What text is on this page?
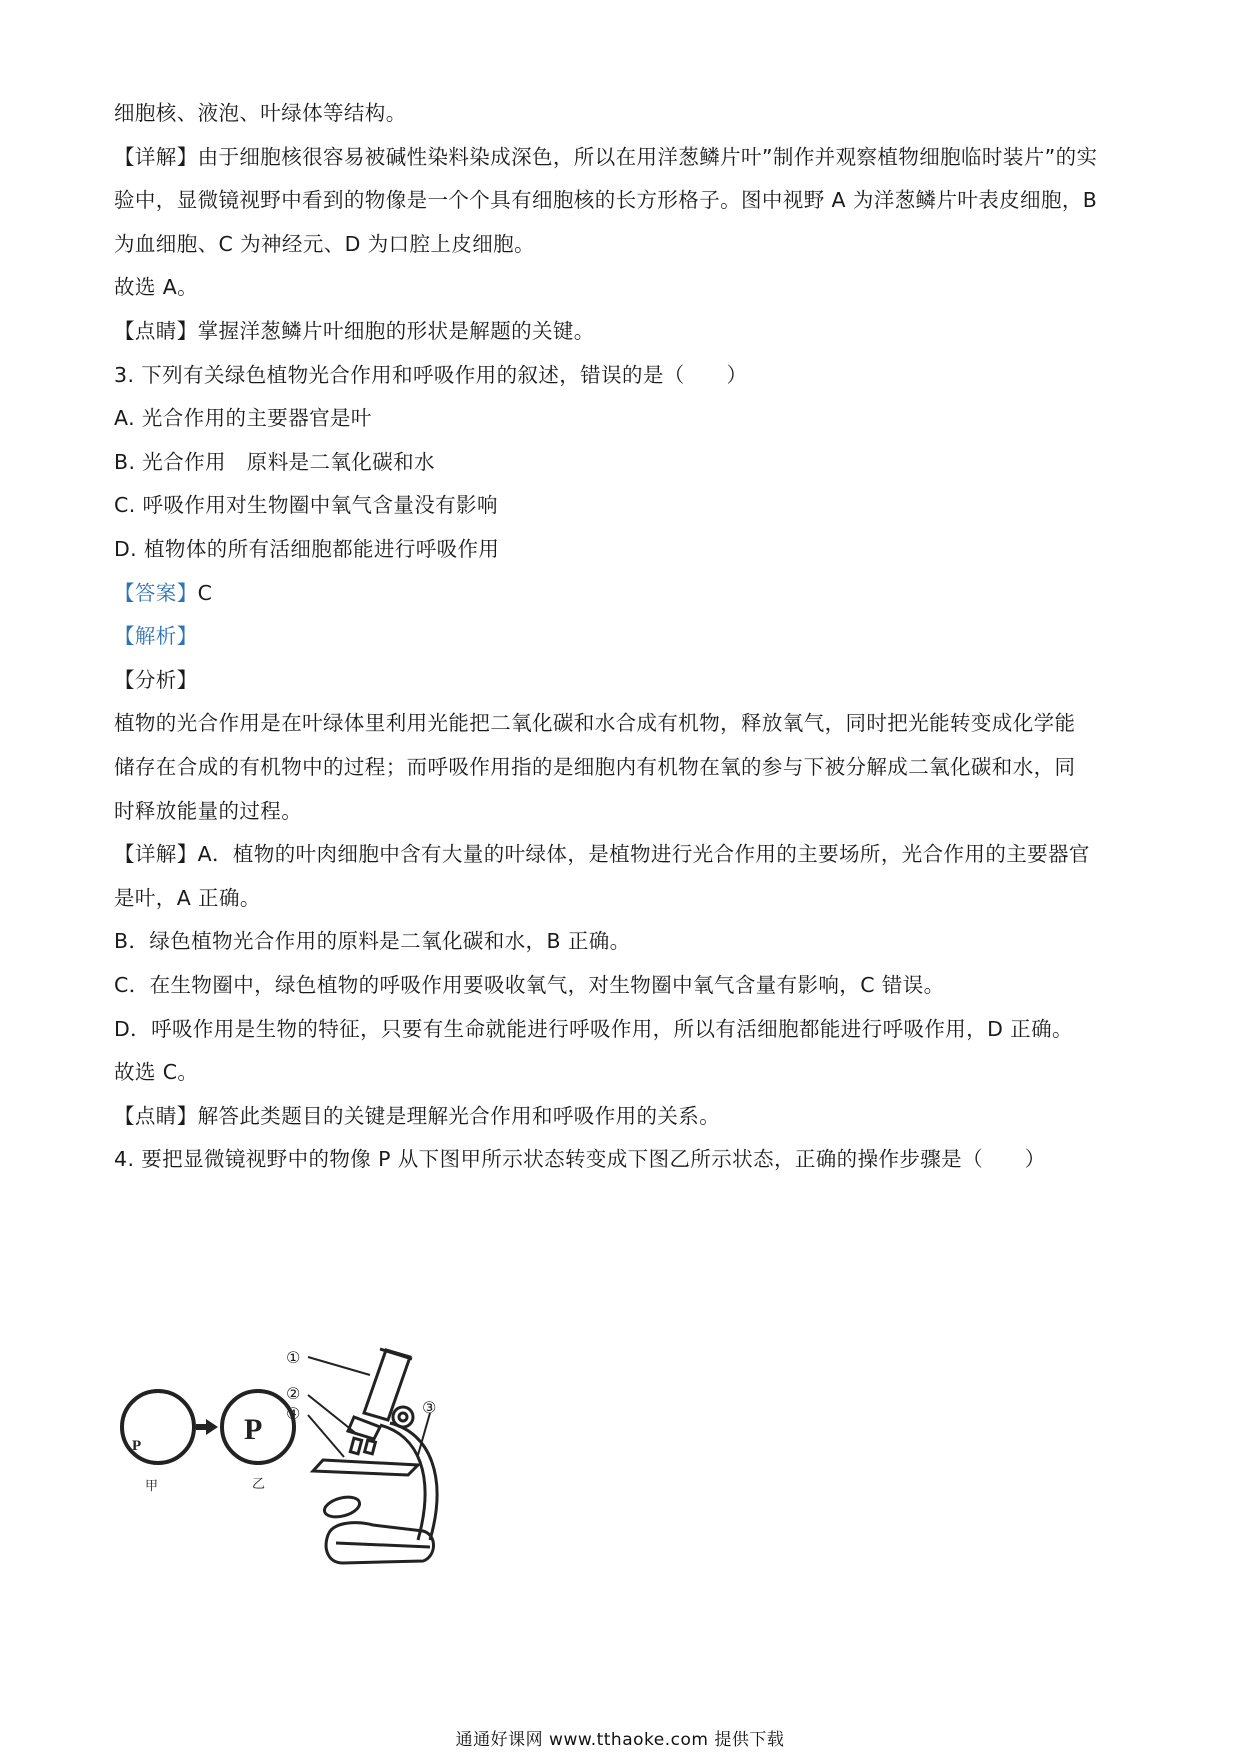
细胞核、液泡、叶绿体等结构。
【详解】由于细胞核很容易被碱性染料染成深色，所以在用洋葱鳞片叶”制作并观察植物细胞临时装片”的实
验中，显微镜视野中看到的物像是一个个具有细胞核的长方形格子。图中视野 A 为洋葱鳞片叶表皮细胞，B
为血细胞、C 为神经元、D 为口腔上皮细胞。
故选 A。
【点睛】掌握洋葱鳞片叶细胞的形状是解题的关键。
3. 下列有关绿色植物光合作用和呼吸作用的叙述，错误的是（　　）
A. 光合作用的主要器官是叶
B. 光合作用　原料是二氧化碳和水
C. 呼吸作用对生物圈中氧气含量没有影响
D. 植物体的所有活细胞都能进行呼吸作用
【答案】C
【解析】
【分析】
植物的光合作用是在叶绿体里利用光能把二氧化碳和水合成有机物，释放氧气，同时把光能转变成化学能
储存在合成的有机物中的过程；而呼吸作用指的是细胞内有机物在氧的参与下被分解成二氧化碳和水，同
时释放能量的过程。
【详解】A．植物的叶肉细胞中含有大量的叶绿体，是植物进行光合作用的主要场所，光合作用的主要器官
是叶，A 正确。
B．绿色植物光合作用的原料是二氧化碳和水，B 正确。
C．在生物圈中，绿色植物的呼吸作用要吸收氧气，对生物圈中氧气含量有影响，C 错误。
D．呼吸作用是生物的特征，只要有生命就能进行呼吸作用，所以有活细胞都能进行呼吸作用，D 正确。
故选 C。
【点睛】解答此类题目的关键是理解光合作用和呼吸作用的关系。
4. 要把显微镜视野中的物像 P 从下图甲所示状态转变成下图乙所示状态，正确的操作步骤是（　　）
P
甲
P
乙
①
②
④	③
通通好课网 www.tthaoke.com 提供下载
